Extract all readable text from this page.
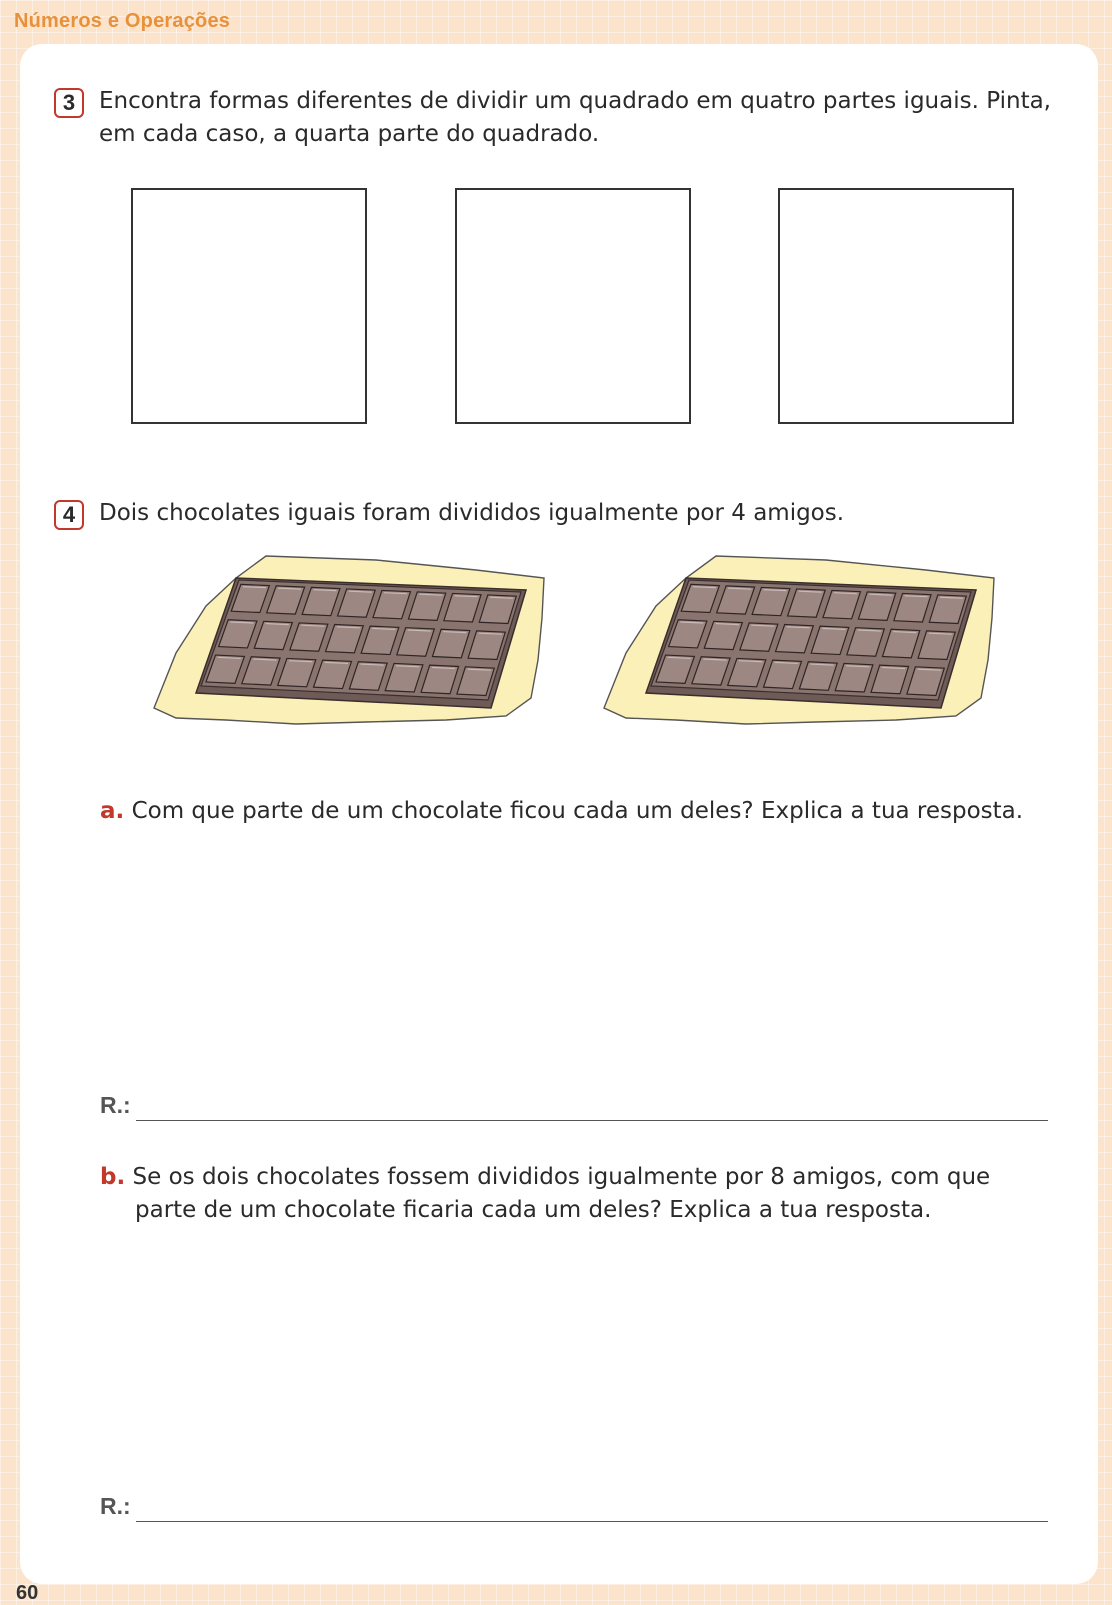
Números e Operações
3	Encontra formas diferentes de dividir um quadrado em quatro partes iguais. Pinta, em cada caso, a quarta parte do quadrado.
4	Dois chocolates iguais foram divididos igualmente por 4 amigos.
a. Com que parte de um chocolate ficou cada um deles? Explica a tua resposta.
R.:
b. Se os dois chocolates fossem divididos igualmente por 8 amigos, com que parte de um chocolate ficaria cada um deles? Explica a tua resposta.
R.:
60
